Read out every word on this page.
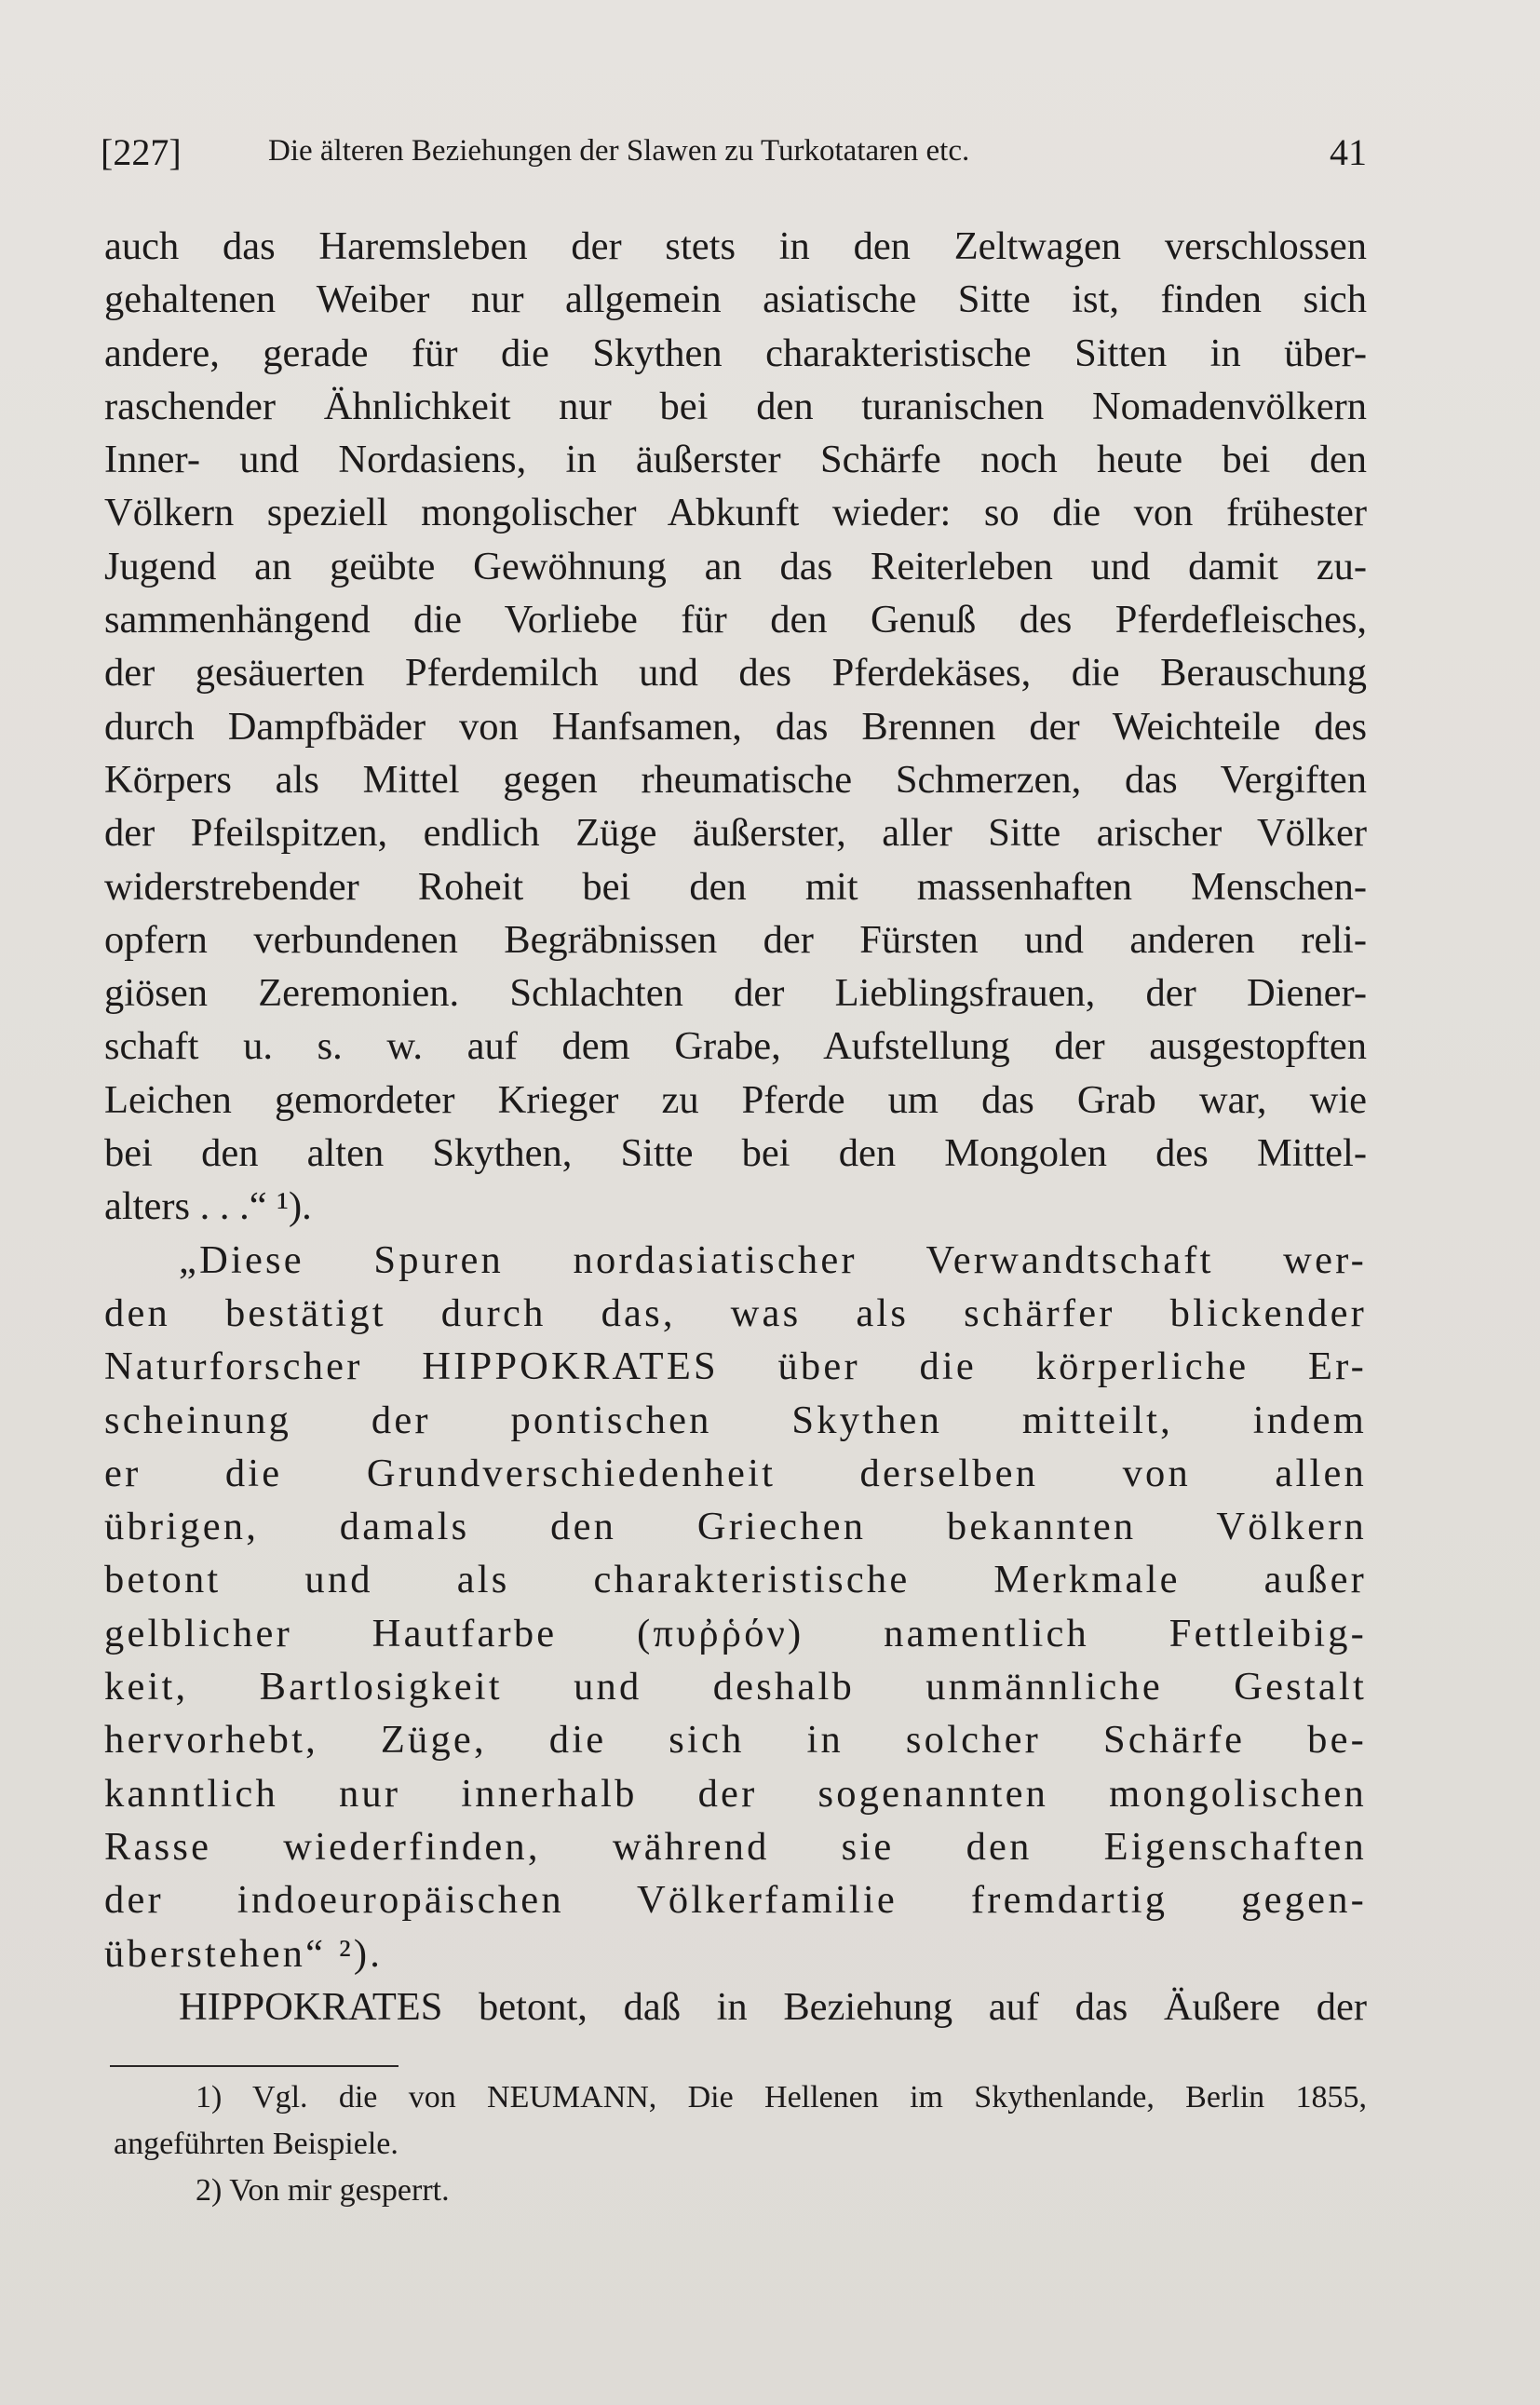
[227]	Die älteren Beziehungen der Slawen zu Turkotataren etc.	41
auch das Haremsleben der stets in den Zeltwagen verschlossen
gehaltenen Weiber nur allgemein asiatische Sitte ist, finden sich
andere, gerade für die Skythen charakteristische Sitten in über-
raschender Ähnlichkeit nur bei den turanischen Nomadenvölkern
Inner- und Nordasiens, in äußerster Schärfe noch heute bei den
Völkern speziell mongolischer Abkunft wieder: so die von frühester
Jugend an geübte Gewöhnung an das Reiterleben und damit zu-
sammenhängend die Vorliebe für den Genuß des Pferdefleisches,
der gesäuerten Pferdemilch und des Pferdekäses, die Berauschung
durch Dampfbäder von Hanfsamen, das Brennen der Weichteile des
Körpers als Mittel gegen rheumatische Schmerzen, das Vergiften
der Pfeilspitzen, endlich Züge äußerster, aller Sitte arischer Völker
widerstrebender Roheit bei den mit massenhaften Menschen-
opfern verbundenen Begräbnissen der Fürsten und anderen reli-
giösen Zeremonien. Schlachten der Lieblingsfrauen, der Diener-
schaft u. s. w. auf dem Grabe, Aufstellung der ausgestopften
Leichen gemordeter Krieger zu Pferde um das Grab war, wie
bei den alten Skythen, Sitte bei den Mongolen des Mittel-
alters . . .“ ¹).
„Diese Spuren nordasiatischer Verwandtschaft wer-
den bestätigt durch das, was als schärfer blickender
Naturforscher HIPPOKRATES über die körperliche Er-
scheinung der pontischen Skythen mitteilt, indem
er die Grundverschiedenheit derselben von allen
übrigen, damals den Griechen bekannten Völkern
betont und als charakteristische Merkmale außer
gelblicher Hautfarbe (πυῤῥόν) namentlich Fettleibig-
keit, Bartlosigkeit und deshalb unmännliche Gestalt
hervorhebt, Züge, die sich in solcher Schärfe be-
kanntlich nur innerhalb der sogenannten mongolischen
Rasse wiederfinden, während sie den Eigenschaften
der indoeuropäischen Völkerfamilie fremdartig gegen-
überstehen“ ²).
HIPPOKRATES betont, daß in Beziehung auf das Äußere der
1) Vgl. die von NEUMANN, Die Hellenen im Skythenlande, Berlin 1855,
angeführten Beispiele.
2) Von mir gesperrt.
